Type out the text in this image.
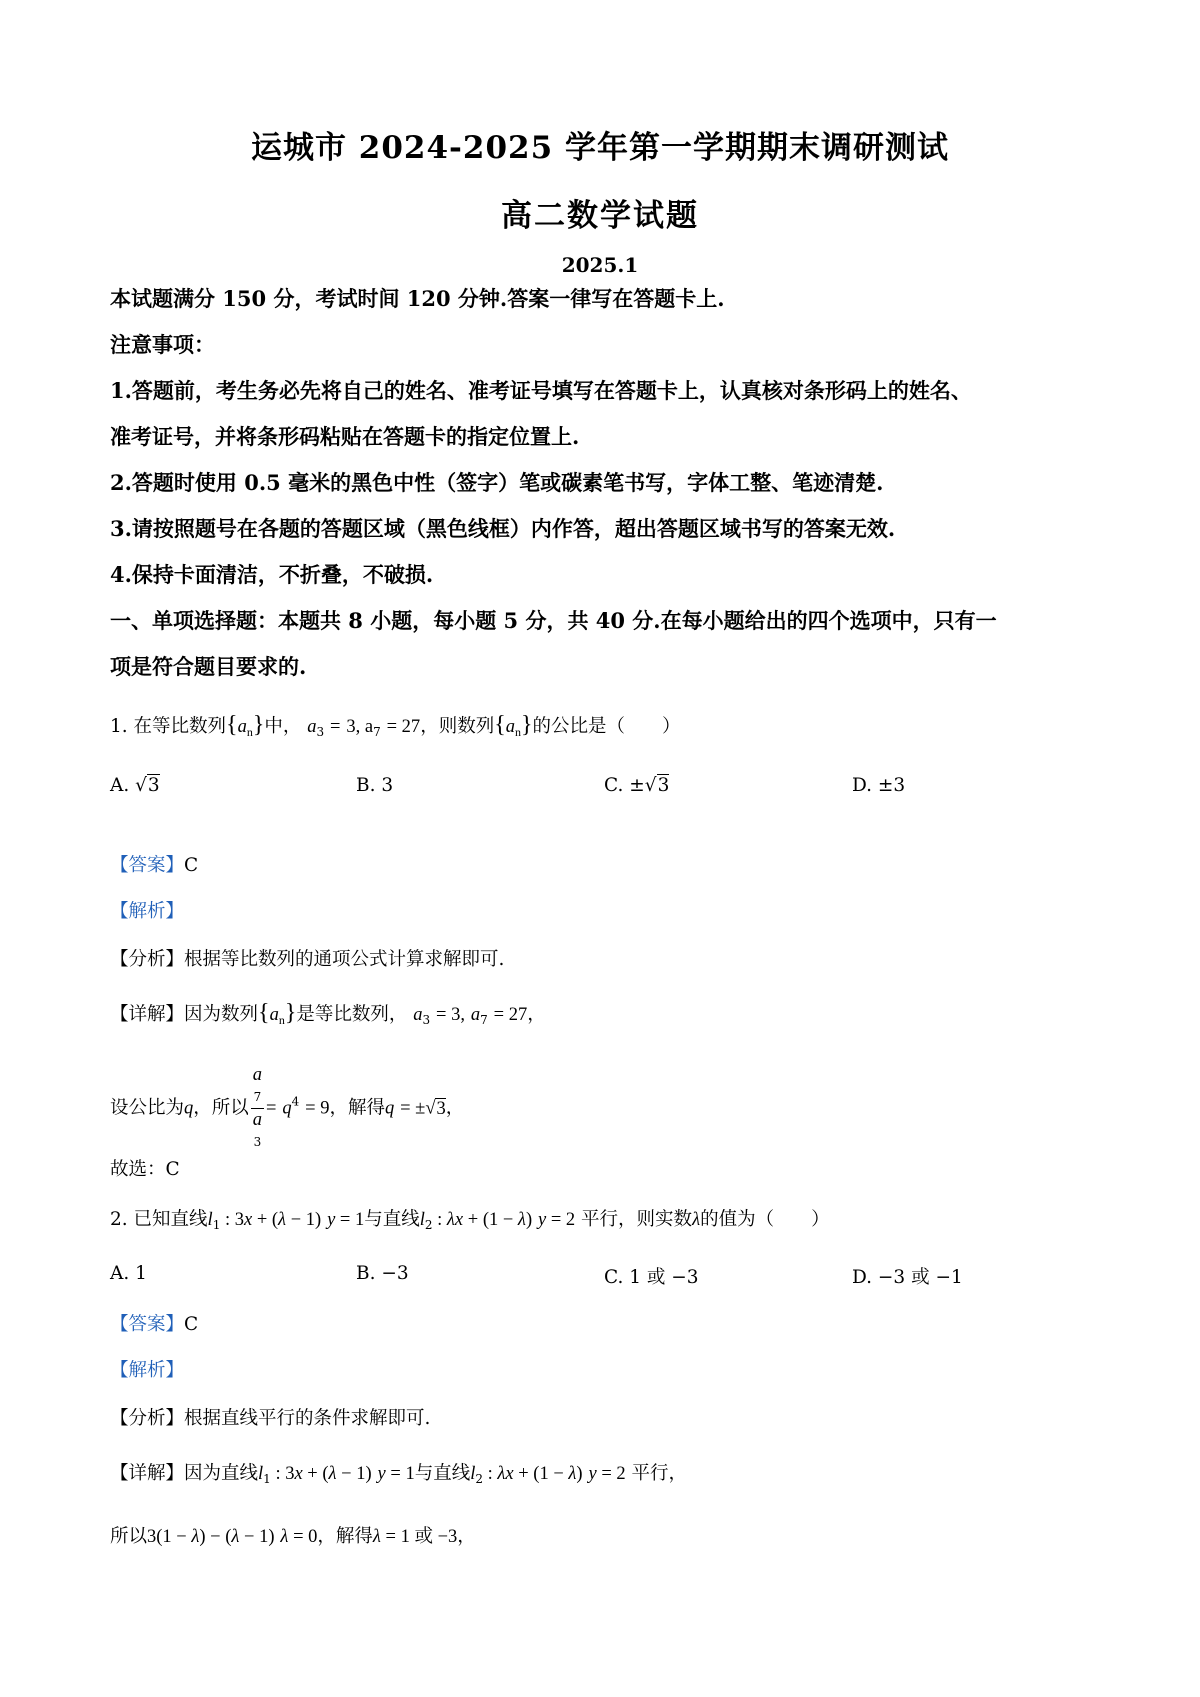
运城市 2024-2025 学年第一学期期末调研测试
高二数学试题
2025.1
本试题满分 150 分，考试时间 120 分钟.答案一律写在答题卡上.
注意事项：
1.答题前，考生务必先将自己的姓名、准考证号填写在答题卡上，认真核对条形码上的姓名、
准考证号，并将条形码粘贴在答题卡的指定位置上.
2.答题时使用 0.5 毫米的黑色中性（签字）笔或碳素笔书写，字体工整、笔迹清楚.
3.请按照题号在各题的答题区域（黑色线框）内作答，超出答题区域书写的答案无效.
4.保持卡面清洁，不折叠，不破损.
一、单项选择题：本题共 8 小题，每小题 5 分，共 40 分.在每小题给出的四个选项中，只有一
项是符合题目要求的.
1. 在等比数列$\{a_n\}$中， $a_3 = 3$, $a_7 = 27$，则数列$\{a_n\}$的公比是（　　）
A. √3	B. 3	C. ±√3	D. ±3
【答案】C
【解析】
【分析】根据等比数列的通项公式计算求解即可.
【详解】因为数列$\{a_n\}$是等比数列， $a_3 = 3$, $a_7 = 27$，
设公比为q，所以 a
7
a
$3 = q^4 = 9$，解得q = ±√3，
故选：C
2. 已知直线$l_1$ : 3x + (λ − 1) y = 1与直线$l_2$ : λx + (1 − λ) y = 2 平行，则实数λ的值为（　　）
A. 1	B. −3	C. 1 或 −3	D. −3 或 −1
【答案】C
【解析】
【分析】根据直线平行的条件求解即可.
【详解】因为直线$l_1$ : 3x + (λ − 1) y = 1与直线$l_2$ : λx + (1 − λ) y = 2 平行，
所以3(1 − λ) − (λ − 1) λ = 0，解得λ = 1 或 −3，
